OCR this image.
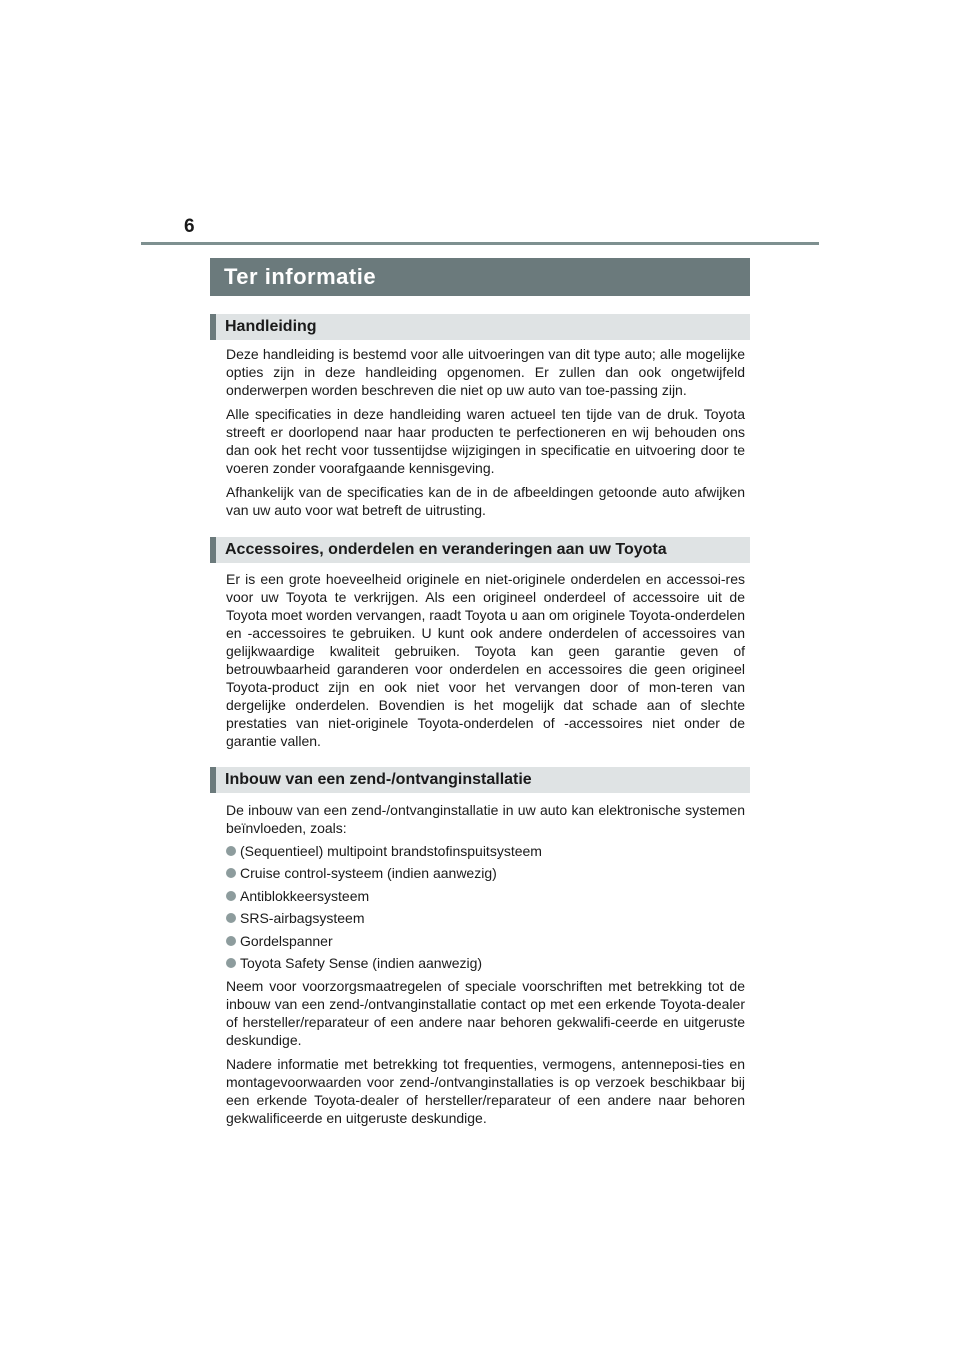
6
Ter informatie
Handleiding

Deze handleiding is bestemd voor alle uitvoeringen van dit type auto; alle mogelijke opties zijn in deze handleiding opgenomen. Er zullen dan ook ongetwijfeld onderwerpen worden beschreven die niet op uw auto van toe-passing zijn.

Alle specificaties in deze handleiding waren actueel ten tijde van de druk. Toyota streeft er doorlopend naar haar producten te perfectioneren en wij behouden ons dan ook het recht voor tussentijdse wijzigingen in specificatie en uitvoering door te voeren zonder voorafgaande kennisgeving.

Afhankelijk van de specificaties kan de in de afbeeldingen getoonde auto afwijken van uw auto voor wat betreft de uitrusting.

Accessoires, onderdelen en veranderingen aan uw Toyota

Er is een grote hoeveelheid originele en niet-originele onderdelen en accessoi-res voor uw Toyota te verkrijgen. Als een origineel onderdeel of accessoire uit de Toyota moet worden vervangen, raadt Toyota u aan om originele Toyota-onderdelen en -accessoires te gebruiken. U kunt ook andere onderdelen of accessoires van gelijkwaardige kwaliteit gebruiken. Toyota kan geen garantie geven of betrouwbaarheid garanderen voor onderdelen en accessoires die geen origineel Toyota-product zijn en ook niet voor het vervangen door of mon-teren van dergelijke onderdelen. Bovendien is het mogelijk dat schade aan of slechte prestaties van niet-originele Toyota-onderdelen of -accessoires niet onder de garantie vallen.

Inbouw van een zend-/ontvanginstallatie

De inbouw van een zend-/ontvanginstallatie in uw auto kan elektronische systemen beïnvloeden, zoals:

(Sequentieel) multipoint brandstofinspuitsysteem
Cruise control-systeem (indien aanwezig)
Antiblokkeersysteem
SRS-airbagsysteem
Gordelspanner
Toyota Safety Sense (indien aanwezig)

Neem voor voorzorgsmaatregelen of speciale voorschriften met betrekking tot de inbouw van een zend-/ontvanginstallatie contact op met een erkende Toyota-dealer of hersteller/reparateur of een andere naar behoren gekwalifi-ceerde en uitgeruste deskundige.

Nadere informatie met betrekking tot frequenties, vermogens, antenneposi-ties en montagevoorwaarden voor zend-/ontvanginstallaties is op verzoek beschikbaar bij een erkende Toyota-dealer of hersteller/reparateur of een andere naar behoren gekwalificeerde en uitgeruste deskundige.
